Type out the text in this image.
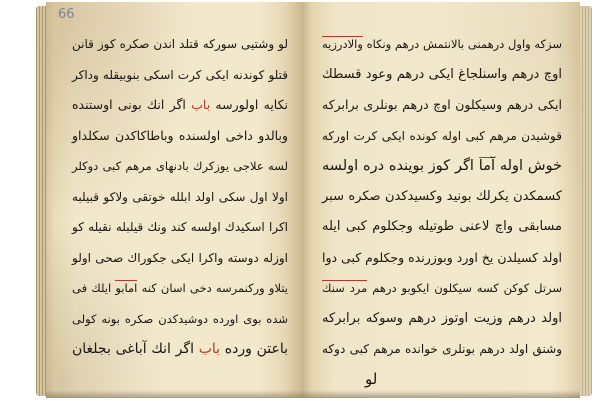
66
لو وشتيى سوركه قتلد اندن صكره كوز قانن
قتلو كوندنه ايكى كرت اسكى بنوبيقله وداكر
نكايه اولورسه باب اگر انك بونى اوستنده
وبالدو داخى اولسنده وباطاكاكدن سكلداو
لسه علاجى يوزكرك بادنهاى مرهم كبى دوكلر
اولا اول سكى اولد ابلله خوتقى ولاكو قبيلبه
اكرا اسكيدك اولسه كند ونك قيلبله نقيله كو
اوزله دوسته واكرا ايكى جكوراك صحى اولو
يتلاو وركنمرسه دخى اسان كنه امابو ايلك فى
شده بوى اورده دوشيدكدن صكره بونه كولى
باعتن ورده باب اگر انك آباغى بجلغان
سزكه واول درهمنى بالانتمش درهم ونكاه والادرزيه
اوچ درهم واسنلجاغ ايكى درهم وعود قسطك
ايكى درهم وسيكلون اوچ درهم بونلرى برابركه
قوشيدن مرهم كبى اوله كونده ايكى كرت اوركه
خوش اوله آما اگر كوز بوينده دره اولسه
كسمكدن يكرلك بونيد وكسيدكدن صكره سبر
مسابقى واچ لاعنى طوتيله وجكلوم كبى ايله
اولد كسيلدن يخ اورد وبوزرنده وجكلوم كبى دوا
سرتل كوكن كسه سيكلون ايكوبو درهم مرد سنك
اولد درهم وزيت اوتوز درهم وسوكه برابركه
وشنق اولد درهم بونلرى خوانده مرهم كبى دوكه
لو
